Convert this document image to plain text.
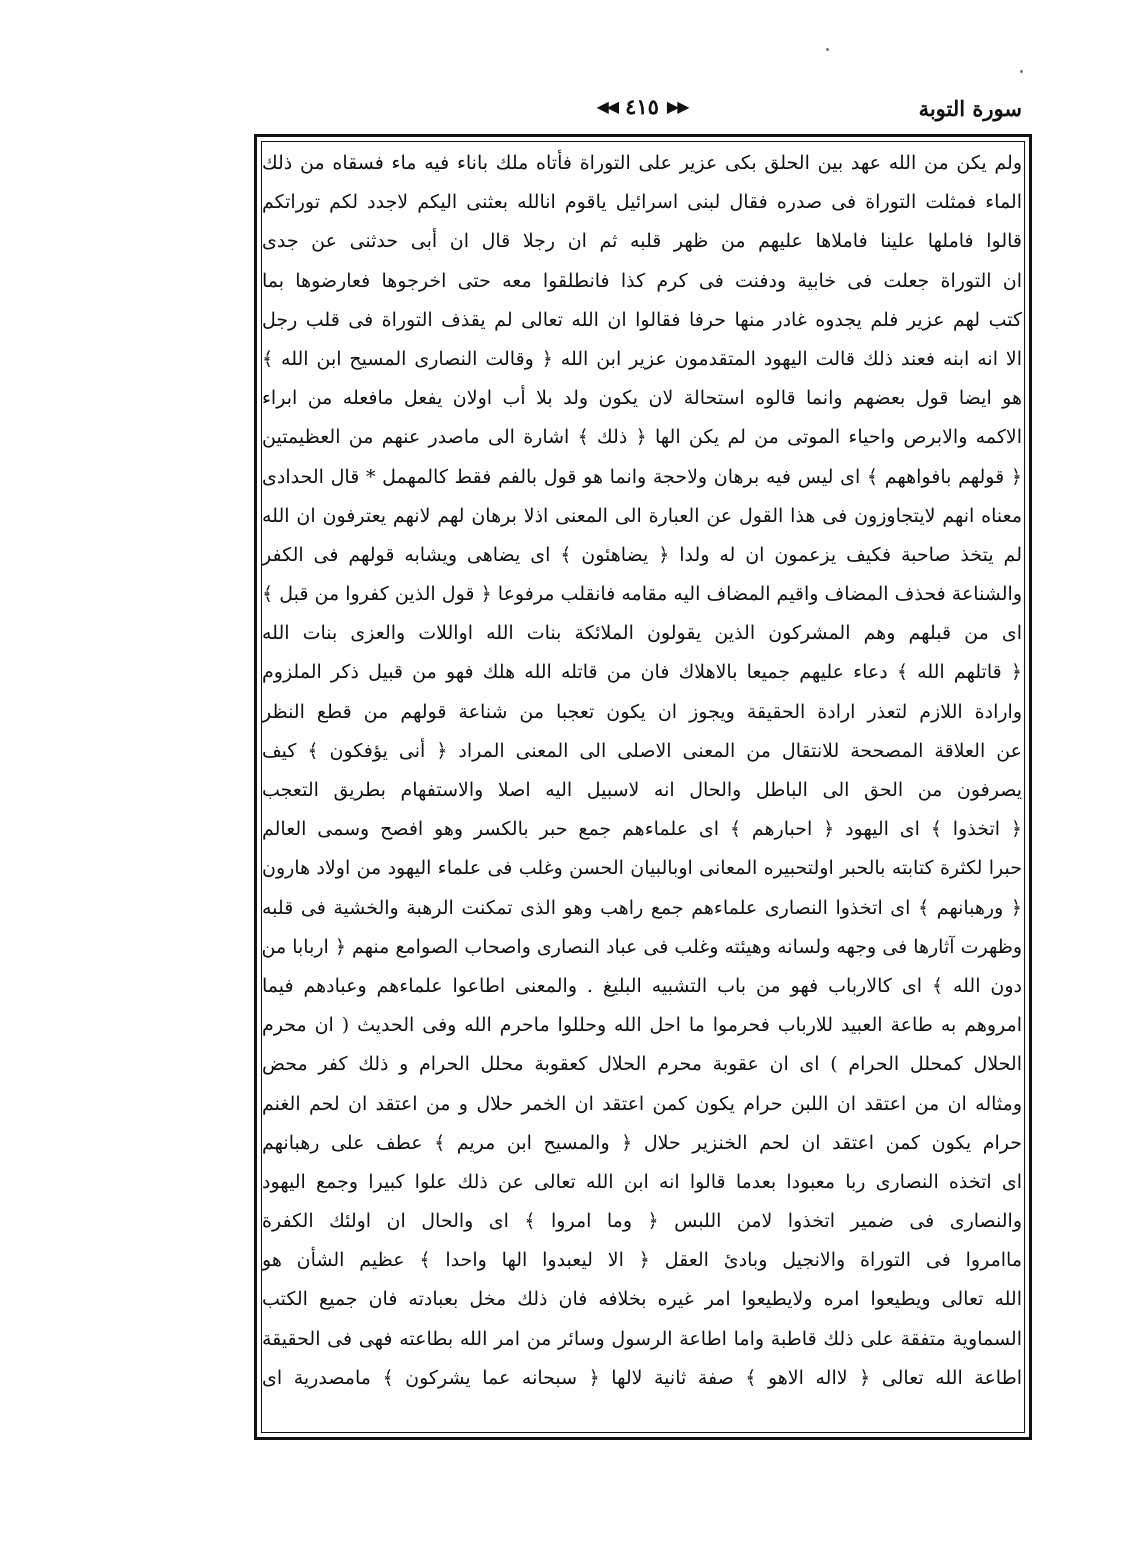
سورة التوبة
◀◀ ٤١٥ ▶▶
ولم يكن من الله عهد بين الحلق بكى عزير على التوراة فأتاه ملك باناء فيه ماء فسقاه من ذلك
الماء فمثلت التوراة فى صدره فقال لبنى اسرائيل ياقوم انالله بعثنى اليكم لاجدد لكم توراتكم
قالوا فاملها علينا فاملاها عليهم من ظهر قلبه ثم ان رجلا قال ان أبى حدثنى عن جدى
ان التوراة جعلت فى خابية ودفنت فى كرم كذا فانطلقوا معه حتى اخرجوها فعارضوها بما
كتب لهم عزير فلم يجدوه غادر منها حرفا فقالوا ان الله تعالى لم يقذف التوراة فى قلب رجل
الا انه ابنه فعند ذلك قالت اليهود المتقدمون عزير ابن الله ﴿ وقالت النصارى المسيح ابن الله ﴾
هو ايضا قول بعضهم وانما قالوه استحالة لان يكون ولد بلا أب اولان يفعل مافعله من ابراء
الاكمه والابرص واحياء الموتى من لم يكن الها ﴿ ذلك ﴾ اشارة الى ماصدر عنهم من العظيمتين
﴿ قولهم بافواههم ﴾ اى ليس فيه برهان ولاحجة وانما هو قول بالفم فقط كالمهمل * قال الحدادى
معناه انهم لايتجاوزون فى هذا القول عن العبارة الى المعنى اذلا برهان لهم لانهم يعترفون ان الله
لم يتخذ صاحبة فكيف يزعمون ان له ولدا ﴿ يضاهئون ﴾ اى يضاهى ويشابه قولهم فى الكفر
والشناعة فحذف المضاف واقيم المضاف اليه مقامه فانقلب مرفوعا ﴿ قول الذين كفروا من قبل ﴾
اى من قبلهم وهم المشركون الذين يقولون الملائكة بنات الله اواللات والعزى بنات الله
﴿ قاتلهم الله ﴾ دعاء عليهم جميعا بالاهلاك فان من قاتله الله هلك فهو من قبيل ذكر الملزوم
وارادة اللازم لتعذر ارادة الحقيقة ويجوز ان يكون تعجبا من شناعة قولهم من قطع النظر
عن العلاقة المصححة للانتقال من المعنى الاصلى الى المعنى المراد ﴿ أنى يؤفكون ﴾ كيف
يصرفون من الحق الى الباطل والحال انه لاسبيل اليه اصلا والاستفهام بطريق التعجب
﴿ اتخذوا ﴾ اى اليهود ﴿ احبارهم ﴾ اى علماءهم جمع حبر بالكسر وهو افصح وسمى العالم
حبرا لكثرة كتابته بالحبر اولتحبيره المعانى اوبالبيان الحسن وغلب فى علماء اليهود من اولاد هارون
﴿ ورهبانهم ﴾ اى اتخذوا النصارى علماءهم جمع راهب وهو الذى تمكنت الرهبة والخشية فى قلبه
وظهرت آثارها فى وجهه ولسانه وهيئته وغلب فى عباد النصارى واصحاب الصوامع منهم ﴿ اربابا من
دون الله ﴾ اى كالارباب فهو من باب التشبيه البليغ . والمعنى اطاعوا علماءهم وعبادهم فيما
امروهم به طاعة العبيد للارباب فحرموا ما احل الله وحللوا ماحرم الله وفى الحديث ( ان محرم
الحلال كمحلل الحرام ) اى ان عقوبة محرم الحلال كعقوبة محلل الحرام و ذلك كفر محض
ومثاله ان من اعتقد ان اللبن حرام يكون كمن اعتقد ان الخمر حلال و من اعتقد ان لحم الغنم
حرام يكون كمن اعتقد ان لحم الخنزير حلال ﴿ والمسيح ابن مريم ﴾ عطف على رهبانهم
اى اتخذه النصارى ربا معبودا بعدما قالوا انه ابن الله تعالى عن ذلك علوا كبيرا وجمع اليهود
والنصارى فى ضمير اتخذوا لامن اللبس ﴿ وما امروا ﴾ اى والحال ان اولئك الكفرة
ماامروا فى التوراة والانجيل وبادئ العقل ﴿ الا ليعبدوا الها واحدا ﴾ عظيم الشأن هو
الله تعالى ويطيعوا امره ولايطيعوا امر غيره بخلافه فان ذلك مخل بعبادته فان جميع الكتب
السماوية متفقة على ذلك قاطبة واما اطاعة الرسول وسائر من امر الله بطاعته فهى فى الحقيقة
اطاعة الله تعالى ﴿ لااله الاهو ﴾ صفة ثانية لالها ﴿ سبحانه عما يشركون ﴾ مامصدرية اى
